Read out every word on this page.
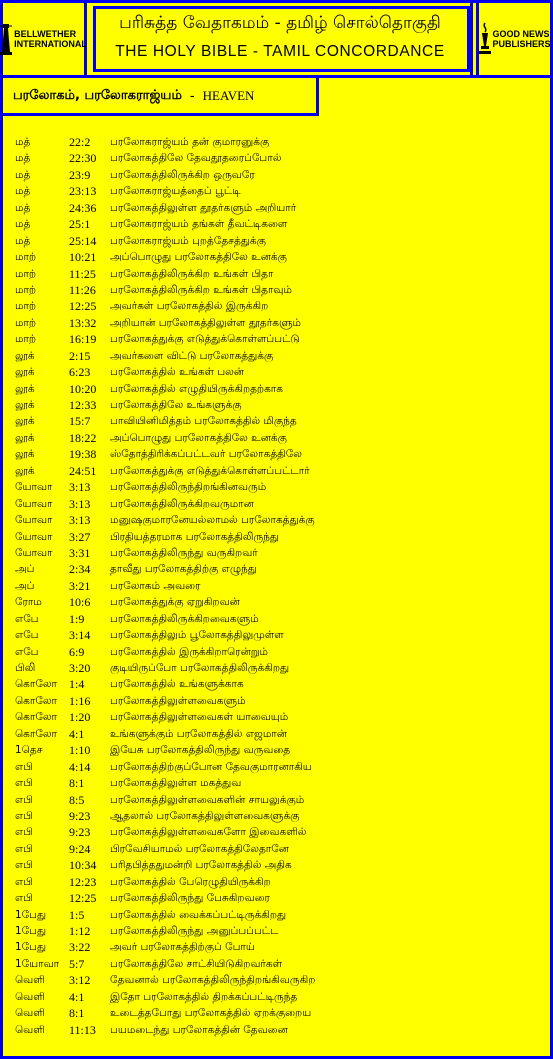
BELLWETHER
INTERNATIONAL
பரிசுத்த வேதாகமம் - தமிழ் சொல்தொகுதி
THE HOLY BIBLE - TAMIL CONCORDANCE
GOOD NEWS
PUBLISHERS
பரலோகம், பரலோகராஜ்யம் - HEAVEN
மத்	22:2 பரலோகராஜ்யம் தன் குமாரனுக்கு
மத்	22:30 பரலோகத்திலே தேவதூதரைப்போல்
மத்	23:9 பரலோகத்திலிருக்கிற ஒருவரே
மத்	23:13 பரலோகராஜ்யத்தைப் பூட்டி
மத்	24:36 பரலோகத்திலுள்ள தூதர்களும் அறியார்
மத்	25:1 பரலோகராஜ்யம் தங்கள் தீவட்டிகளை
மத்	25:14 பரலோகராஜ்யம் புறத்தேசத்துக்கு
மாற்	10:21 அப்பொழுது பரலோகத்திலே உனக்கு
மாற்	11:25 பரலோகத்திலிருக்கிற உங்கள் பிதா
மாற்	11:26 பரலோகத்திலிருக்கிற உங்கள் பிதாவும்
மாற்	12:25 அவர்கள் பரலோகத்தில் இருக்கிற
மாற்	13:32 அறியான் பரலோகத்திலுள்ள தூதர்களும்
மாற்	16:19 பரலோகத்துக்கு எடுத்துக்கொள்ளப்பட்டு
லூக்	2:15 அவர்களை விட்டு பரலோகத்துக்கு
லூக்	6:23 பரலோகத்தில் உங்கள் பலன்
லூக்	10:20 பரலோகத்தில் எழுதியிருக்கிறதற்காக
லூக்	12:33 பரலோகத்திலே உங்களுக்கு
லூக்	15:7 பாவியினிமித்தம் பரலோகத்தில் மிகுந்த
லூக்	18:22 அப்பொழுது பரலோகத்திலே உனக்கு
லூக்	19:38 ஸ்தோத்திரிக்கப்பட்டவர் பரலோகத்திலே
லூக்	24:51 பரலோகத்துக்கு எடுத்துக்கொள்ளப்பட்டார்
யோவா 3:13 பரலோகத்திலிருந்திறங்கினவரும்
யோவா 3:13 பரலோகத்திலிருக்கிறவருமான
யோவா 3:13 மனுஷகுமாரனேயல்லாமல் பரலோகத்துக்கு
யோவா 3:27 பிரதியத்தரமாக பரலோகத்திலிருந்து
யோவா 3:31 பரலோகத்திலிருந்து வருகிறவர்
அப்	2:34 தாவீது பரலோகத்திற்கு எழுந்து
அப்	3:21 பரலோகம் அவரை
ரோம 10:6 பரலோகத்துக்கு ஏறுகிறவன்
எபே	1:9 பரலோகத்திலிருக்கிறவைகளும்
எபே	3:14 பரலோகத்திலும் பூலோகத்திலுமுள்ள
எபே	6:9 பரலோகத்தில் இருக்கிறாரென்றும்
பிலி	3:20 குடியிருப்போ பரலோகத்திலிருக்கிறது
கொலோ 1:4 பரலோகத்தில் உங்களுக்காக
கொலோ 1:16 பரலோகத்திலுள்ளவைகளும்
கொலோ 1:20 பரலோகத்திலுள்ளவைகள் யாவையும்
கொலோ 4:1 உங்களுக்கும் பரலோகத்தில் எஜமான்
1தெச 1:10 இயேசு பரலோகத்திலிருந்து வருவதை
எபி	4:14 பரலோகத்திற்குப்போன தேவகுமாரனாகிய
எபி	8:1 பரலோகத்திலுள்ள மகத்துவ
எபி	8:5 பரலோகத்திலுள்ளவைகளின் சாயலுக்கும்
எபி	9:23 ஆதலால் பரலோகத்திலுள்ளவைகளுக்கு
எபி	9:23 பரலோகத்திலுள்ளவைகளோ இவைகளில்
எபி	9:24 பிரவேசியாமல் பரலோகத்திலேதானே
எபி	10:34 பரிதபித்ததுமன்றி பரலோகத்தில் அதிக
எபி	12:23 பரலோகத்தில் பேரெழுதியிருக்கிற
எபி	12:25 பரலோகத்திலிருந்து பேசுகிறவரை
1பேது 1:5 பரலோகத்தில் வைக்கப்பட்டிருக்கிறது
1பேது 1:12 பரலோகத்திலிருந்து அனுப்பப்பட்ட
1பேது 3:22 அவர் பரலோகத்திற்குப் போய்
1யோவா 5:7 பரலோகத்திலே சாட்சியிடுகிறவர்கள்
வெளி 3:12 தேவனால் பரலோகத்திலிருந்திறங்கிவருகிற
வெளி 4:1 இதோ பரலோகத்தில் திறக்கப்பட்டிருந்த
வெளி 8:1 உடைத்தபோது பரலோகத்தில் ஏறக்குறைய
வெளி 11:13 பயமடைந்து பரலோகத்தின் தேவனை
